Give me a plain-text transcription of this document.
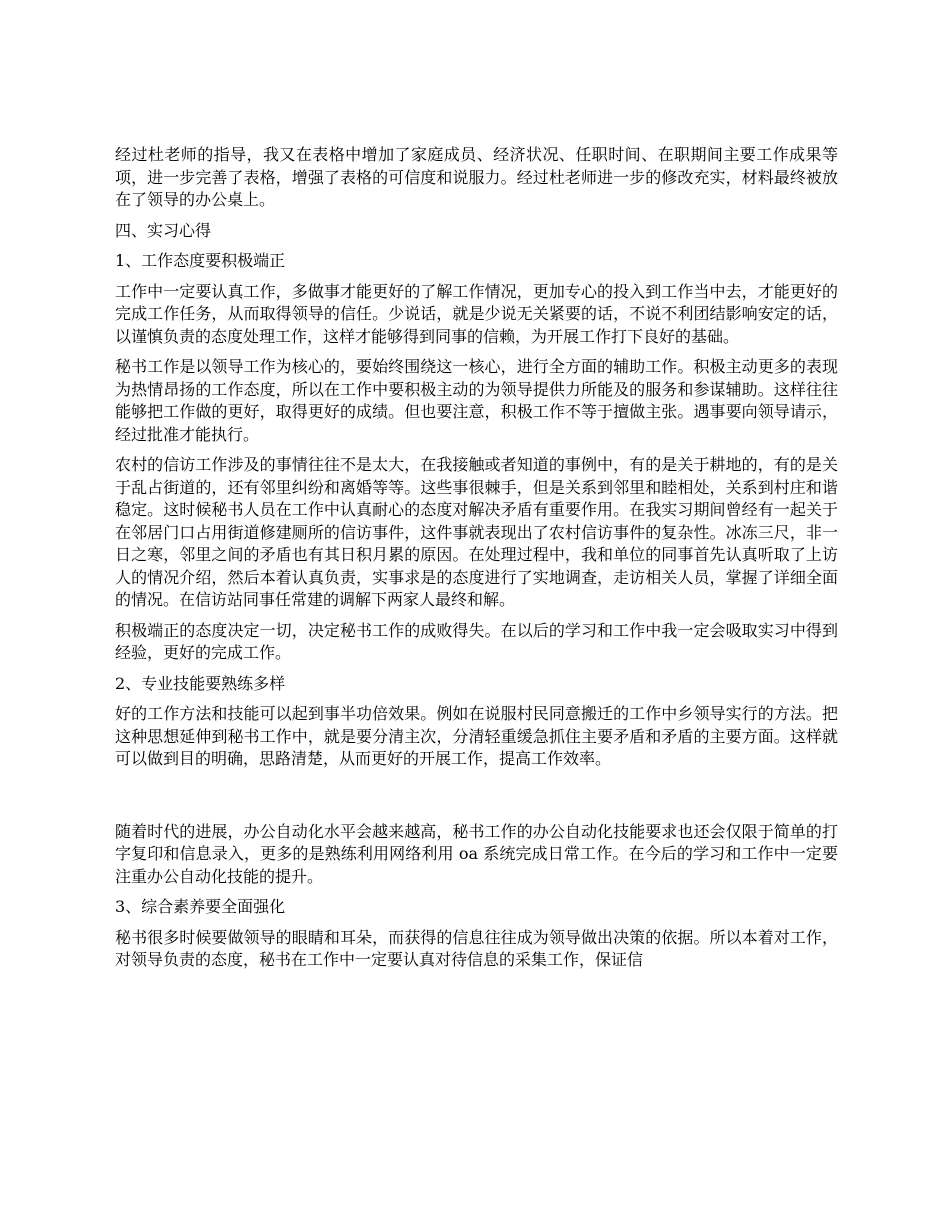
经过杜老师的指导，我又在表格中增加了家庭成员、经济状况、任职时间、在职期间主要工作成果等项，进一步完善了表格，增强了表格的可信度和说服力。经过杜老师进一步的修改充实，材料最终被放在了领导的办公桌上。

四、实习心得

1、工作态度要积极端正

工作中一定要认真工作，多做事才能更好的了解工作情况，更加专心的投入到工作当中去，才能更好的完成工作任务，从而取得领导的信任。少说话，就是少说无关紧要的话，不说不利团结影响安定的话，以谨慎负责的态度处理工作，这样才能够得到同事的信赖，为开展工作打下良好的基础。

秘书工作是以领导工作为核心的，要始终围绕这一核心，进行全方面的辅助工作。积极主动更多的表现为热情昂扬的工作态度，所以在工作中要积极主动的为领导提供力所能及的服务和参谋辅助。这样往往能够把工作做的更好，取得更好的成绩。但也要注意，积极工作不等于擅做主张。遇事要向领导请示，经过批准才能执行。

农村的信访工作涉及的事情往往不是太大，在我接触或者知道的事例中，有的是关于耕地的，有的是关于乱占街道的，还有邻里纠纷和离婚等等。这些事很棘手，但是关系到邻里和睦相处，关系到村庄和谐稳定。这时候秘书人员在工作中认真耐心的态度对解决矛盾有重要作用。在我实习期间曾经有一起关于在邻居门口占用街道修建厕所的信访事件，这件事就表现出了农村信访事件的复杂性。冰冻三尺，非一日之寒，邻里之间的矛盾也有其日积月累的原因。在处理过程中，我和单位的同事首先认真听取了上访人的情况介绍，然后本着认真负责，实事求是的态度进行了实地调查，走访相关人员，掌握了详细全面的情况。在信访站同事任常建的调解下两家人最终和解。

积极端正的态度决定一切，决定秘书工作的成败得失。在以后的学习和工作中我一定会吸取实习中得到经验，更好的完成工作。

2、专业技能要熟练多样

好的工作方法和技能可以起到事半功倍效果。例如在说服村民同意搬迁的工作中乡领导实行的方法。把这种思想延伸到秘书工作中，就是要分清主次，分清轻重缓急抓住主要矛盾和矛盾的主要方面。这样就可以做到目的明确，思路清楚，从而更好的开展工作，提高工作效率。

随着时代的进展，办公自动化水平会越来越高，秘书工作的办公自动化技能要求也还会仅限于简单的打字复印和信息录入，更多的是熟练利用网络利用 oa 系统完成日常工作。在今后的学习和工作中一定要注重办公自动化技能的提升。

3、综合素养要全面强化

秘书很多时候要做领导的眼睛和耳朵，而获得的信息往往成为领导做出决策的依据。所以本着对工作，对领导负责的态度，秘书在工作中一定要认真对待信息的采集工作，保证信
